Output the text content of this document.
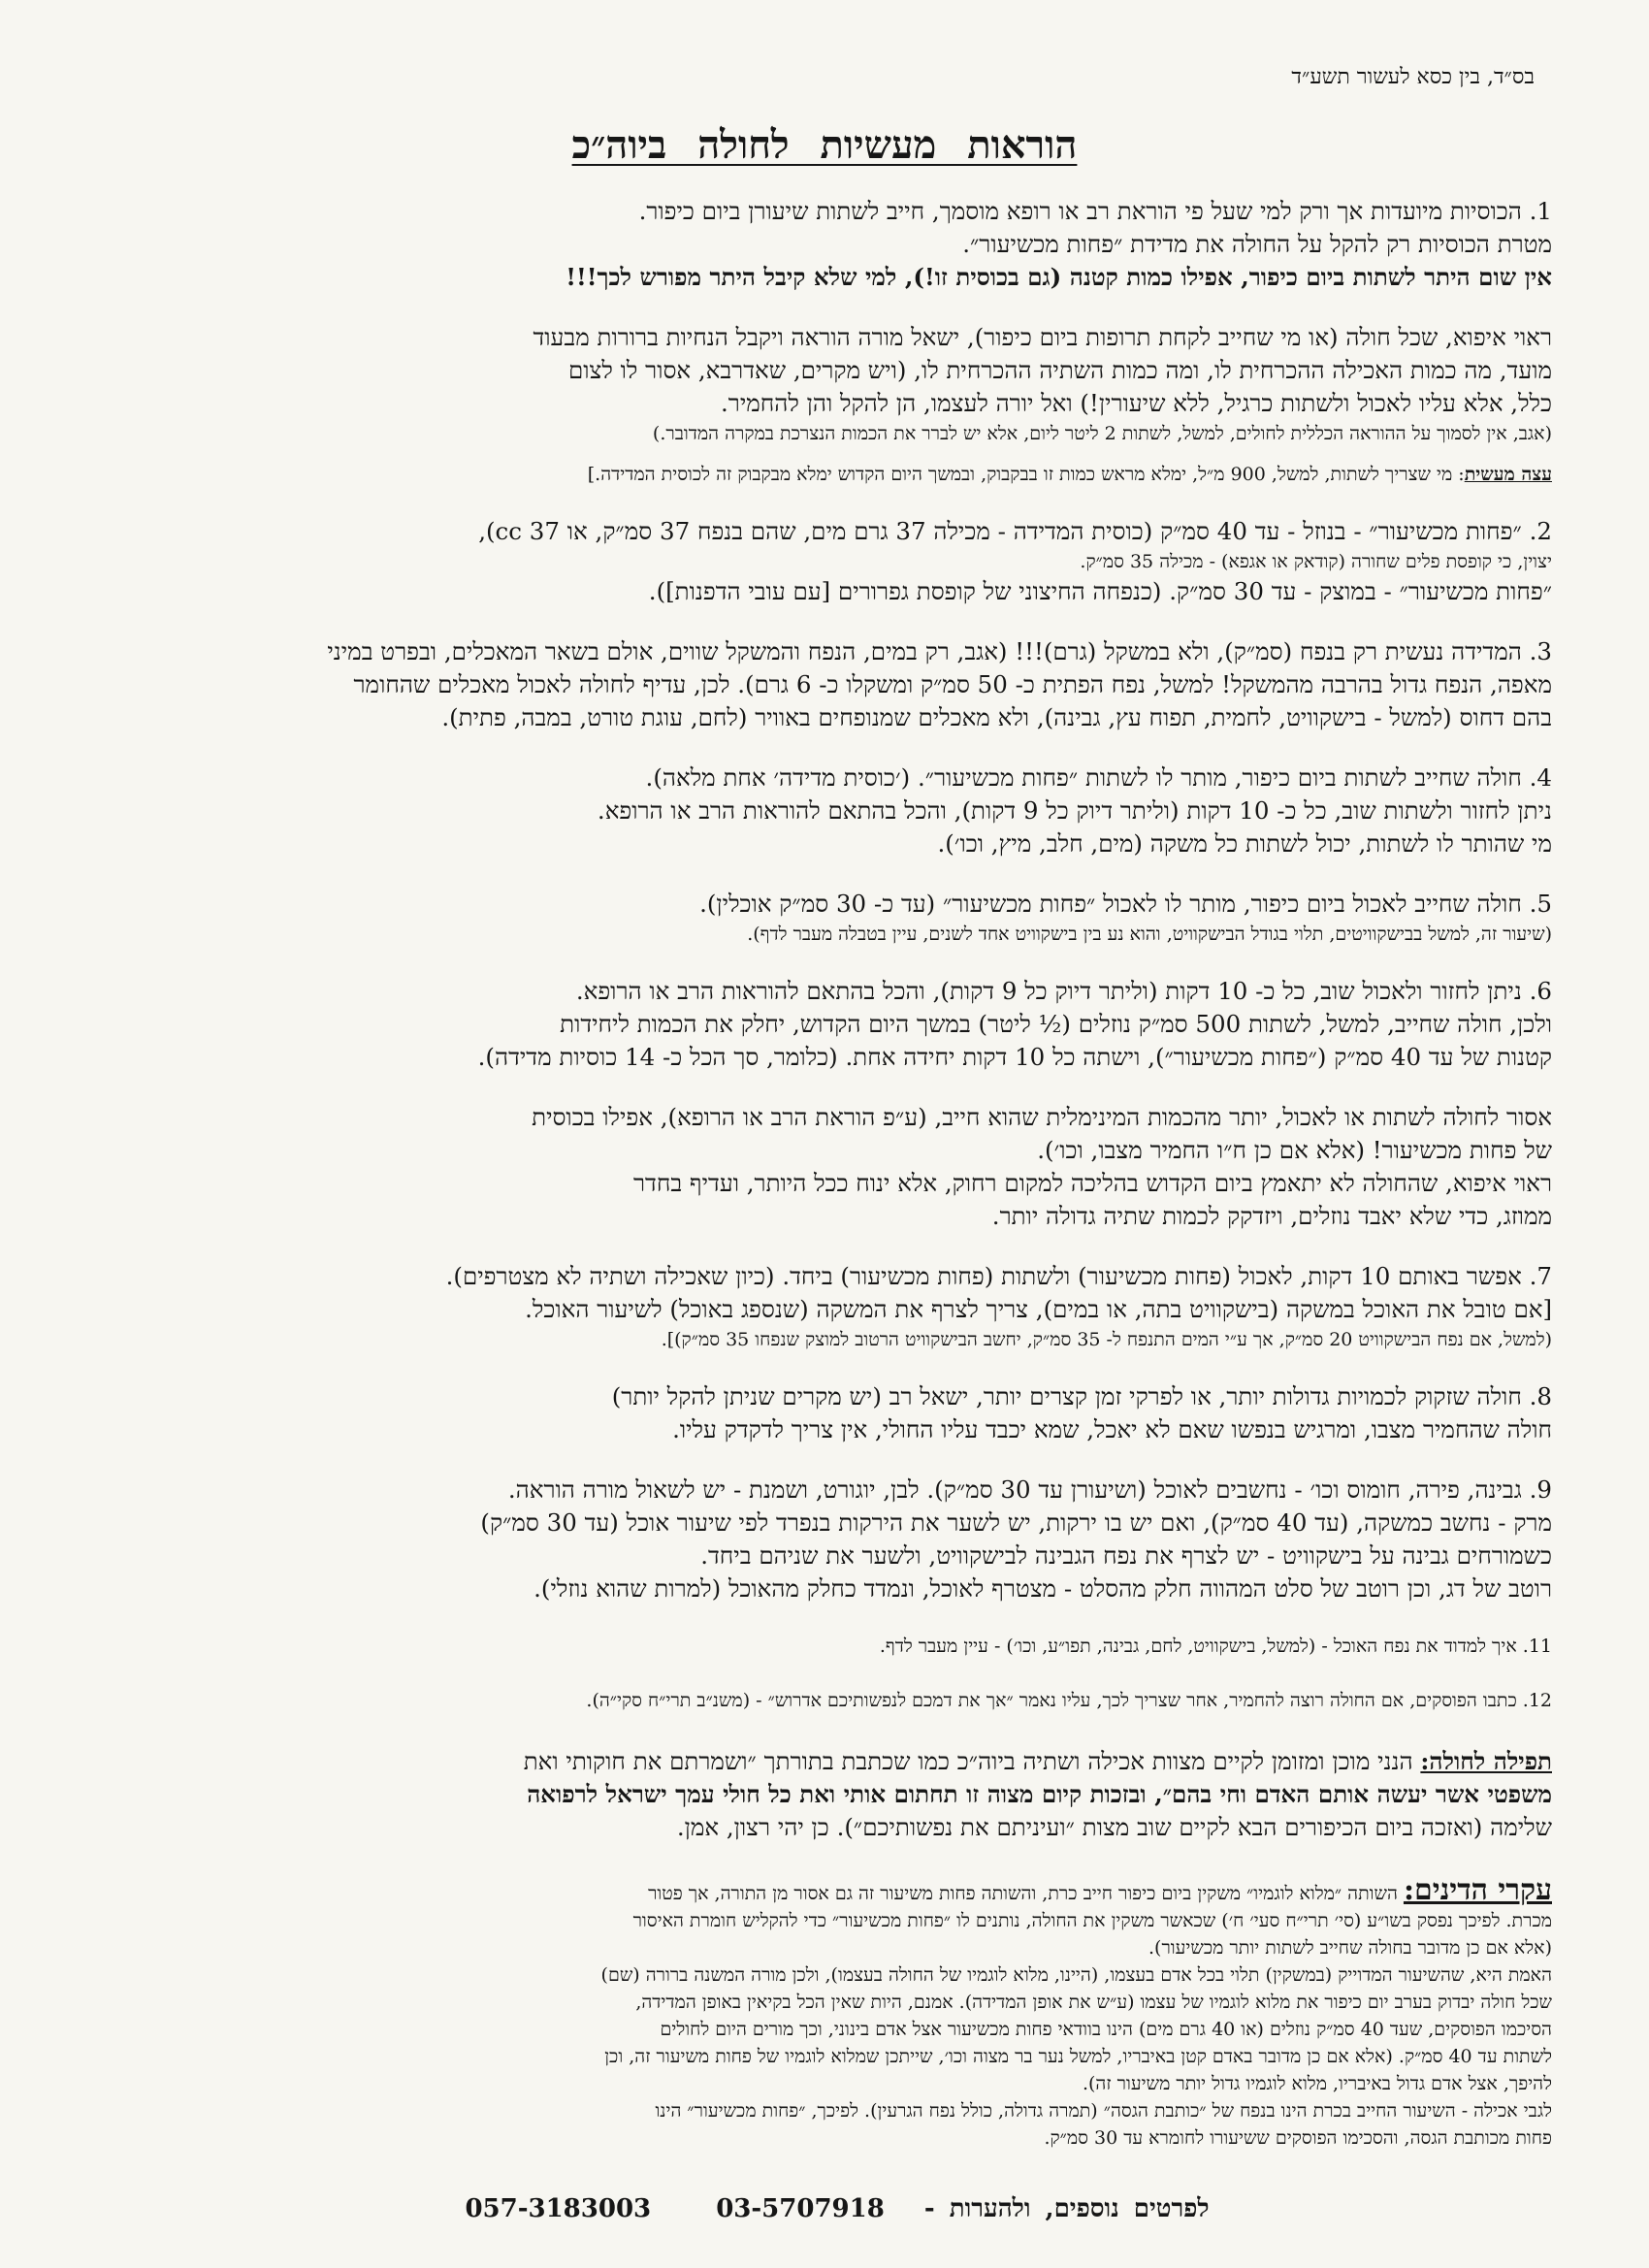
בס״ד, בין כסא לעשור תשע״ד
הוראות מעשיות לחולה ביוה״כ

1. הכוסיות מיועדות אך ורק למי שעל פי הוראת רב או רופא מוסמך, חייב לשתות שיעורן ביום כיפור.

מטרת הכוסיות רק להקל על החולה את מדידת ״פחות מכשיעור״.

אין שום היתר לשתות ביום כיפור, אפילו כמות קטנה (גם בכוסית זו!), למי שלא קיבל היתר מפורש לכך!!!

ראוי איפוא, שכל חולה (או מי שחייב לקחת תרופות ביום כיפור), ישאל מורה הוראה ויקבל הנחיות ברורות מבעוד

מועד, מה כמות האכילה ההכרחית לו, ומה כמות השתיה ההכרחית לו, (ויש מקרים, שאדרבא, אסור לו לצום

כלל, אלא עליו לאכול ולשתות כרגיל, ללא שיעורין!) ואל יורה לעצמו, הן להקל והן להחמיר.

(אגב, אין לסמוך על ההוראה הכללית לחולים, למשל, לשתות 2 ליטר ליום, אלא יש לברר את הכמות הנצרכת במקרה המדובר.)

עצה מעשית: מי שצריך לשתות, למשל, 900 מ״ל, ימלא מראש כמות זו בבקבוק, ובמשך היום הקדוש ימלא מבקבוק זה לכוסית המדידה.]

2. ״פחות מכשיעור״ - בנוזל - עד 40 סמ״ק (כוסית המדידה - מכילה 37 גרם מים, שהם בנפח 37 סמ״ק, או 37 cc),

יצוין, כי קופסת פלים שחורה (קודאק או אגפא) - מכילה 35 סמ״ק.

״פחות מכשיעור״ - במוצק - עד 30 סמ״ק. (כנפחה החיצוני של קופסת גפרורים [עם עובי הדפנות]).

3. המדידה נעשית רק בנפח (סמ״ק), ולא במשקל (גרם)!!! (אגב, רק במים, הנפח והמשקל שווים, אולם בשאר המאכלים, ובפרט במיני

מאפה, הנפח גדול בהרבה מהמשקל! למשל, נפח הפתית כ- 50 סמ״ק ומשקלו כ- 6 גרם). לכן, עדיף לחולה לאכול מאכלים שהחומר

בהם דחוס (למשל - בישקוויט, לחמית, תפוח עץ, גבינה), ולא מאכלים שמנופחים באוויר (לחם, עוגת טורט, במבה, פתית).

4. חולה שחייב לשתות ביום כיפור, מותר לו לשתות ״פחות מכשיעור״. (׳כוסית מדידה׳ אחת מלאה).

ניתן לחזור ולשתות שוב, כל כ- 10 דקות (וליתר דיוק כל 9 דקות), והכל בהתאם להוראות הרב או הרופא.

מי שהותר לו לשתות, יכול לשתות כל משקה (מים, חלב, מיץ, וכו׳).

5. חולה שחייב לאכול ביום כיפור, מותר לו לאכול ״פחות מכשיעור״ (עד כ- 30 סמ״ק אוכלין).

(שיעור זה, למשל בבישקוויטים, תלוי בגודל הבישקוויט, והוא נע בין בישקוויט אחד לשנים, עיין בטבלה מעבר לדף).

6. ניתן לחזור ולאכול שוב, כל כ- 10 דקות (וליתר דיוק כל 9 דקות), והכל בהתאם להוראות הרב או הרופא.

ולכן, חולה שחייב, למשל, לשתות 500 סמ״ק נוזלים (½ ליטר) במשך היום הקדוש, יחלק את הכמות ליחידות

קטנות של עד 40 סמ״ק (״פחות מכשיעור״), וישתה כל 10 דקות יחידה אחת. (כלומר, סך הכל כ- 14 כוסיות מדידה).

אסור לחולה לשתות או לאכול, יותר מהכמות המינימלית שהוא חייב, (ע״פ הוראת הרב או הרופא), אפילו בכוסית

של פחות מכשיעור! (אלא אם כן ח״ו החמיר מצבו, וכו׳).

ראוי איפוא, שהחולה לא יתאמץ ביום הקדוש בהליכה למקום רחוק, אלא ינוח ככל היותר, ועדיף בחדר

ממוזג, כדי שלא יאבד נוזלים, ויזדקק לכמות שתיה גדולה יותר.

7. אפשר באותם 10 דקות, לאכול (פחות מכשיעור) ולשתות (פחות מכשיעור) ביחד. (כיון שאכילה ושתיה לא מצטרפים).

[אם טובל את האוכל במשקה (בישקוויט בתה, או במים), צריך לצרף את המשקה (שנספג באוכל) לשיעור האוכל.

(למשל, אם נפח הבישקוויט 20 סמ״ק, אך ע״י המים התנפח ל- 35 סמ״ק, יחשב הבישקוויט הרטוב למוצק שנפחו 35 סמ״ק)].

8. חולה שזקוק לכמויות גדולות יותר, או לפרקי זמן קצרים יותר, ישאל רב (יש מקרים שניתן להקל יותר)

חולה שהחמיר מצבו, ומרגיש בנפשו שאם לא יאכל, שמא יכבד עליו החולי, אין צריך לדקדק עליו.

9. גבינה, פירה, חומוס וכו׳ - נחשבים לאוכל (ושיעורן עד 30 סמ״ק). לבן, יוגורט, ושמנת - יש לשאול מורה הוראה.

מרק - נחשב כמשקה, (עד 40 סמ״ק), ואם יש בו ירקות, יש לשער את הירקות בנפרד לפי שיעור אוכל (עד 30 סמ״ק)

כשמורחים גבינה על בישקוויט - יש לצרף את נפח הגבינה לבישקוויט, ולשער את שניהם ביחד.

רוטב של דג, וכן רוטב של סלט המהווה חלק מהסלט - מצטרף לאוכל, ונמדד כחלק מהאוכל (למרות שהוא נוזלי).

11. איך למדוד את נפח האוכל - (למשל, בישקוויט, לחם, גבינה, תפו״ע, וכו׳) - עיין מעבר לדף.

12. כתבו הפוסקים, אם החולה רוצה להחמיר, אחר שצריך לכך, עליו נאמר ״אך את דמכם לנפשותיכם אדרוש״ - (משנ״ב תרי״ח סקי״ה).

תפילה לחולה: הנני מוכן ומזומן לקיים מצוות אכילה ושתיה ביוה״כ כמו שכתבת בתורתך ״ושמרתם את חוקותי ואת

משפטי אשר יעשה אותם האדם וחי בהם״, ובזכות קיום מצוה זו תחתום אותי ואת כל חולי עמך ישראל לרפואה

שלימה (ואזכה ביום הכיפורים הבא לקיים שוב מצות ״ועיניתם את נפשותיכם״). כן יהי רצון, אמן.

עקרי הדינים: השותה ״מלוא לוגמיו״ משקין ביום כיפור חייב כרת, והשותה פחות משיעור זה גם אסור מן התורה, אך פטור

מכרת. לפיכך נפסק בשו״ע (סי׳ תרי״ח סעי׳ ח׳) שכאשר משקין את החולה, נותנים לו ״פחות מכשיעור״ כדי להקליש חומרת האיסור

(אלא אם כן מדובר בחולה שחייב לשתות יותר מכשיעור).

האמת היא, שהשיעור המדוייק (במשקין) תלוי בכל אדם בעצמו, (היינו, מלוא לוגמיו של החולה בעצמו), ולכן מורה המשנה ברורה (שם)

שכל חולה יבדוק בערב יום כיפור את מלוא לוגמיו של עצמו (ע״ש את אופן המדידה). אמנם, היות שאין הכל בקיאין באופן המדידה,

הסיכמו הפוסקים, שעד 40 סמ״ק נוזלים (או 40 גרם מים) הינו בוודאי פחות מכשיעור אצל אדם בינוני, וכך מורים היום לחולים

לשתות עד 40 סמ״ק. (אלא אם כן מדובר באדם קטן באיבריו, למשל נער בר מצוה וכו׳, שייתכן שמלוא לוגמיו של פחות משיעור זה, וכן

להיפך, אצל אדם גדול באיבריו, מלוא לוגמיו גדול יותר משיעור זה).

לגבי אכילה - השיעור החייב בכרת הינו בנפח של ״כותבת הגסה״ (תמרה גדולה, כולל נפח הגרעין). לפיכך, ״פחות מכשיעור״ הינו

פחות מכותבת הגסה, והסכימו הפוסקים ששיעורו לחומרא עד 30 סמ״ק.

לפרטים נוספים, ולהערות - 03-5707918 057-3183003
